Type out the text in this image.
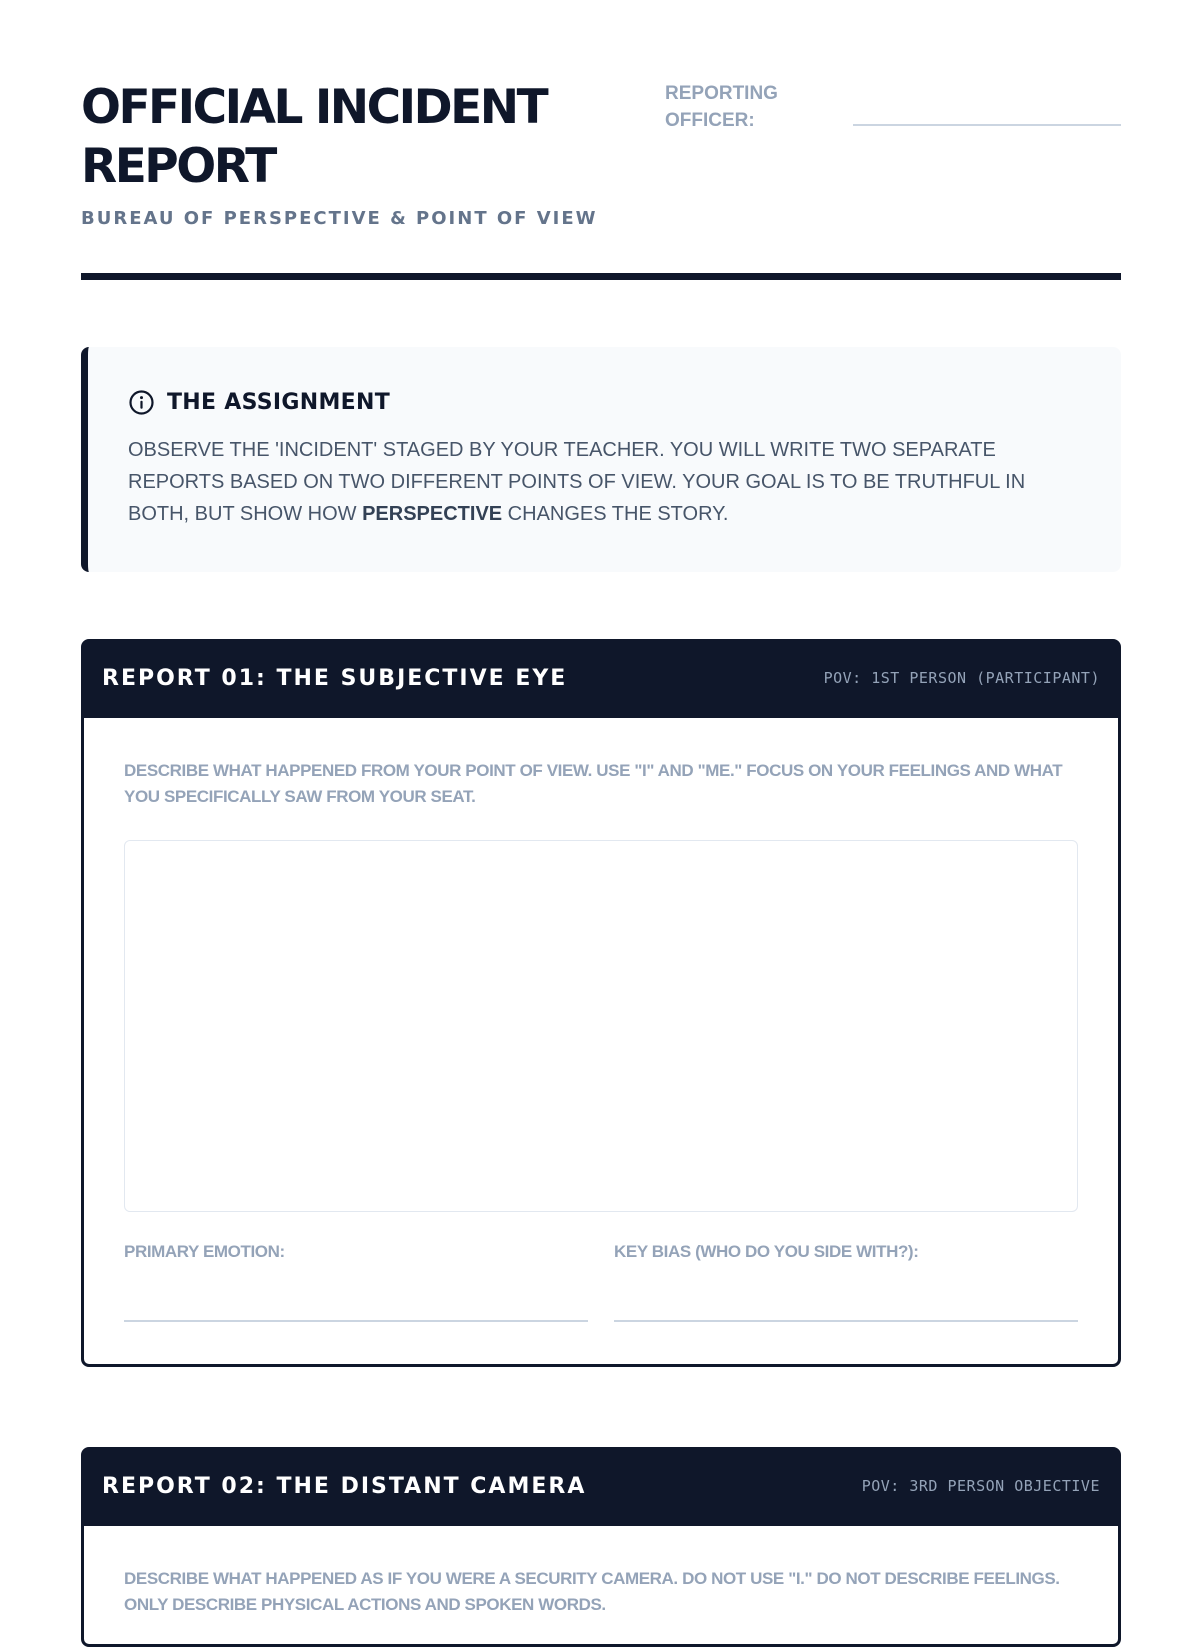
OFFICIAL INCIDENT REPORT
BUREAU OF PERSPECTIVE & POINT OF VIEW
REPORTING OFFICER:
THE ASSIGNMENT

OBSERVE THE 'INCIDENT' STAGED BY YOUR TEACHER. YOU WILL WRITE TWO SEPARATE REPORTS BASED ON TWO DIFFERENT POINTS OF VIEW. YOUR GOAL IS TO BE TRUTHFUL IN BOTH, BUT SHOW HOW PERSPECTIVE CHANGES THE STORY.

REPORT 01: THE SUBJECTIVE EYE	POV: 1ST PERSON (PARTICIPANT)

DESCRIBE WHAT HAPPENED FROM YOUR POINT OF VIEW. USE "I" AND "ME." FOCUS ON YOUR FEELINGS AND WHAT YOU SPECIFICALLY SAW FROM YOUR SEAT.

PRIMARY EMOTION:	KEY BIAS (WHO DO YOU SIDE WITH?):
REPORT 02: THE DISTANT CAMERA	POV: 3RD PERSON OBJECTIVE

DESCRIBE WHAT HAPPENED AS IF YOU WERE A SECURITY CAMERA. DO NOT USE "I." DO NOT DESCRIBE FEELINGS. ONLY DESCRIBE PHYSICAL ACTIONS AND SPOKEN WORDS.
